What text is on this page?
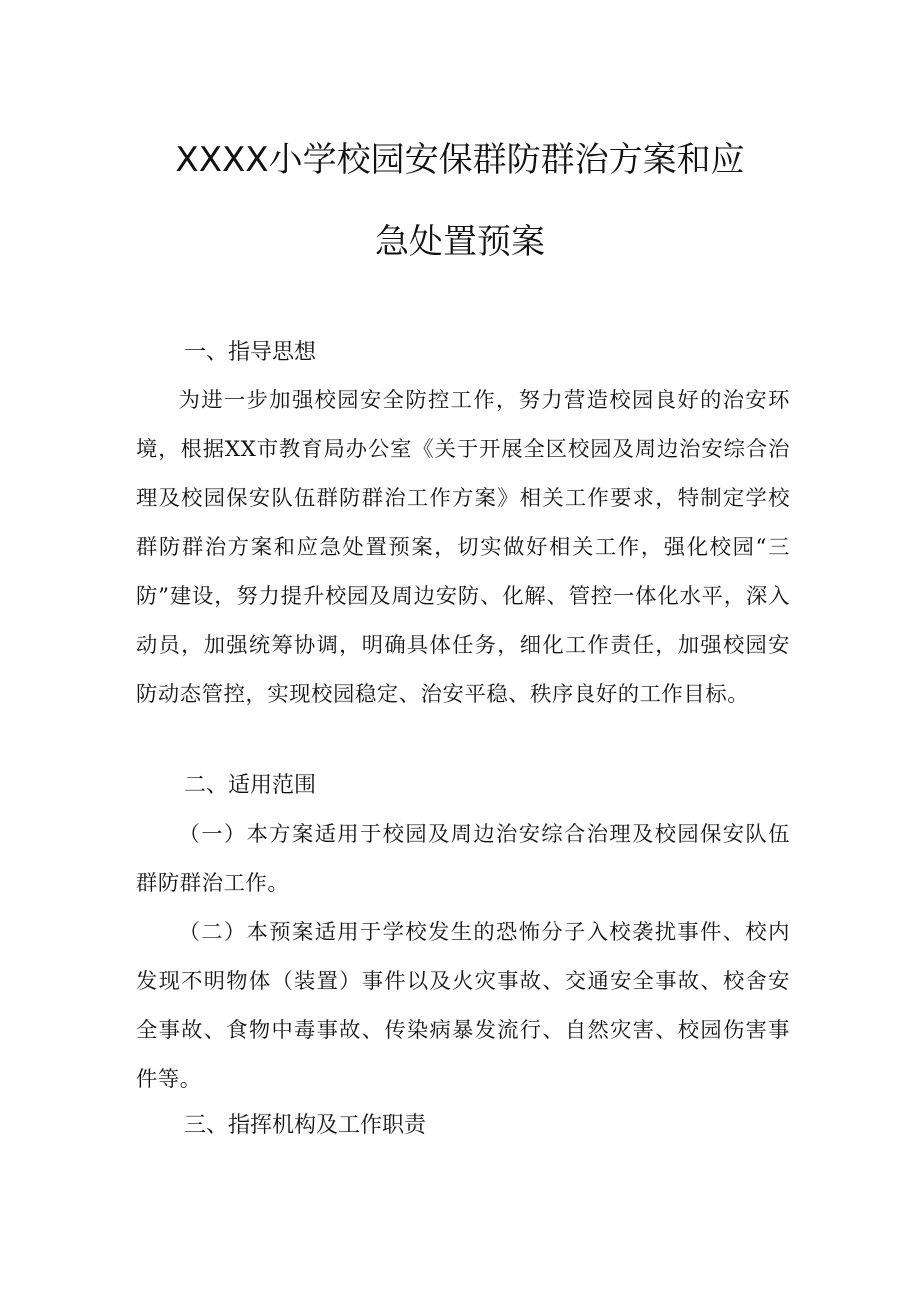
XXXX小学校园安保群防群治方案和应
急处置预案
一、指导思想

为进一步加强校园安全防控工作，努力营造校园良好的治安环境，根据XX市教育局办公室《关于开展全区校园及周边治安综合治理及校园保安队伍群防群治工作方案》相关工作要求，特制定学校群防群治方案和应急处置预案，切实做好相关工作，强化校园“三防”建设，努力提升校园及周边安防、化解、管控一体化水平，深入动员，加强统筹协调，明确具体任务，细化工作责任，加强校园安防动态管控，实现校园稳定、治安平稳、秩序良好的工作目标。

二、适用范围

（一）本方案适用于校园及周边治安综合治理及校园保安队伍群防群治工作。

（二）本预案适用于学校发生的恐怖分子入校袭扰事件、校内发现不明物体（装置）事件以及火灾事故、交通安全事故、校舍安全事故、食物中毒事故、传染病暴发流行、自然灾害、校园伤害事件等。

三、指挥机构及工作职责
